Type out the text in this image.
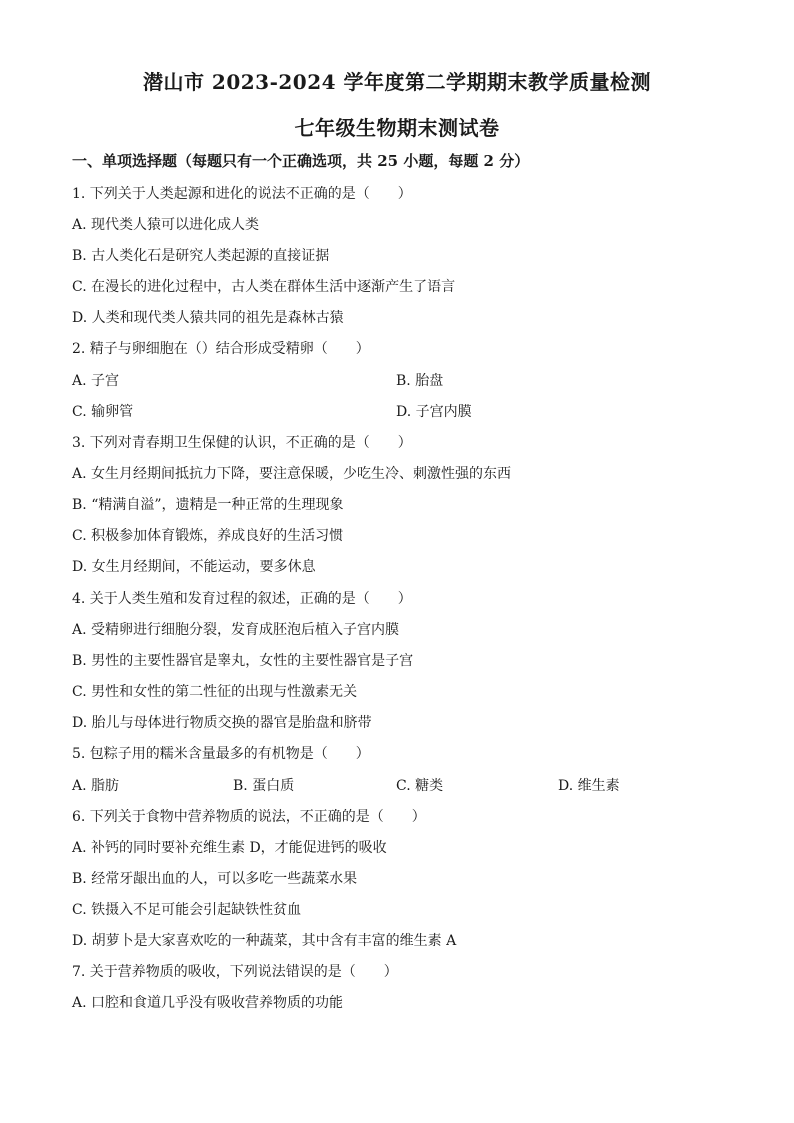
潜山市 2023-2024 学年度第二学期期末教学质量检测
七年级生物期末测试卷
一、单项选择题（每题只有一个正确选项，共 25 小题，每题 2 分）
1. 下列关于人类起源和进化的说法不正确的是（　　）
A. 现代类人猿可以进化成人类
B. 古人类化石是研究人类起源的直接证据
C. 在漫长的进化过程中，古人类在群体生活中逐渐产生了语言
D. 人类和现代类人猿共同的祖先是森林古猿
2. 精子与卵细胞在（）结合形成受精卵（　　）
A. 子宫	B. 胎盘
C. 输卵管	D. 子宫内膜
3. 下列对青春期卫生保健的认识，不正确的是（　　）
A. 女生月经期间抵抗力下降，要注意保暖，少吃生冷、刺激性强的东西
B. “精满自溢”，遗精是一种正常的生理现象
C. 积极参加体育锻炼，养成良好的生活习惯
D. 女生月经期间，不能运动，要多休息
4. 关于人类生殖和发育过程的叙述，正确的是（　　）
A. 受精卵进行细胞分裂，发育成胚泡后植入子宫内膜
B. 男性的主要性器官是睾丸，女性的主要性器官是子宫
C. 男性和女性的第二性征的出现与性激素无关
D. 胎儿与母体进行物质交换的器官是胎盘和脐带
5. 包粽子用的糯米含量最多的有机物是（　　）
A. 脂肪	B. 蛋白质	C. 糖类	D. 维生素
6. 下列关于食物中营养物质的说法，不正确的是（　　）
A. 补钙的同时要补充维生素 D，才能促进钙的吸收
B. 经常牙龈出血的人，可以多吃一些蔬菜水果
C. 铁摄入不足可能会引起缺铁性贫血
D. 胡萝卜是大家喜欢吃的一种蔬菜，其中含有丰富的维生素 A
7. 关于营养物质的吸收，下列说法错误的是（　　）
A. 口腔和食道几乎没有吸收营养物质的功能
